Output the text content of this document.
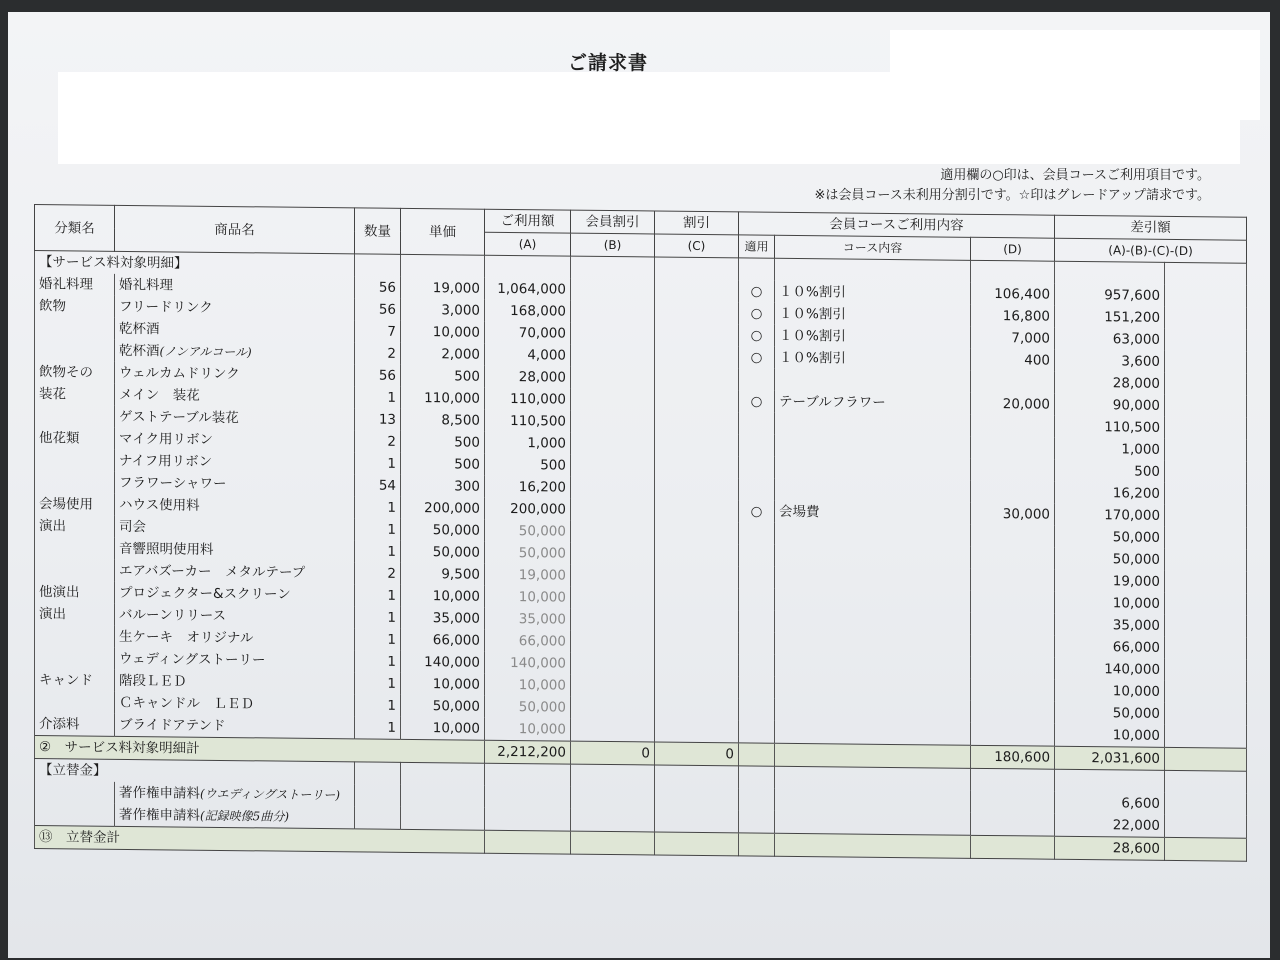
ご請求書
適用欄の○印は、会員コースご利用項目です。
※は会員コース未利用分割引です。☆印はグレードアップ請求です。
分類名	商品名	数量	単価	ご利用額	会員割引	割引	会員コースご利用内容			差引額	
				(A)	(B)	(C)	適用	コース内容	(D)	(A)-(B)-(C)-(D)	
【サービス料対象明細】											
婚礼料理	婚礼料理	56	19,000	1,064,000			○	１０%割引	106,400	957,600	
飲物	フリードリンク	56	3,000	168,000			○	１０%割引	16,800	151,200	
	乾杯酒	7	10,000	70,000			○	１０%割引	7,000	63,000	
	乾杯酒(ノンアルコール)	2	2,000	4,000			○	１０%割引	400	3,600	
飲物その	ウェルカムドリンク	56	500	28,000						28,000	
装花	メイン　装花	1	110,000	110,000			○	テーブルフラワー	20,000	90,000	
	ゲストテーブル装花	13	8,500	110,500						110,500	
他花類	マイク用リボン	2	500	1,000						1,000	
	ナイフ用リボン	1	500	500						500	
	フラワーシャワー	54	300	16,200						16,200	
会場使用	ハウス使用料	1	200,000	200,000			○	会場費	30,000	170,000	
演出	司会	1	50,000	50,000						50,000	
	音響照明使用料	1	50,000	50,000						50,000	
	エアバズーカー　メタルテープ	2	9,500	19,000						19,000	
他演出	プロジェクター&スクリーン	1	10,000	10,000						10,000	
演出	バルーンリリース	1	35,000	35,000						35,000	
	生ケーキ　オリジナル	1	66,000	66,000						66,000	
	ウェディングストーリー	1	140,000	140,000						140,000	
キャンド	階段ＬＥＤ	1	10,000	10,000						10,000	
	Ｃキャンドル　ＬＥＤ	1	50,000	50,000						50,000	
介添料	ブライドアテンド	1	10,000	10,000						10,000	
②　サービス料対象明細計				2,212,200	0	0			180,600	2,031,600	
【立替金】											
	著作権申請料(ウエディングストーリー)									6,600	
	著作権申請料(記録映像5曲分)									22,000	
⑬　立替金計										28,600	
